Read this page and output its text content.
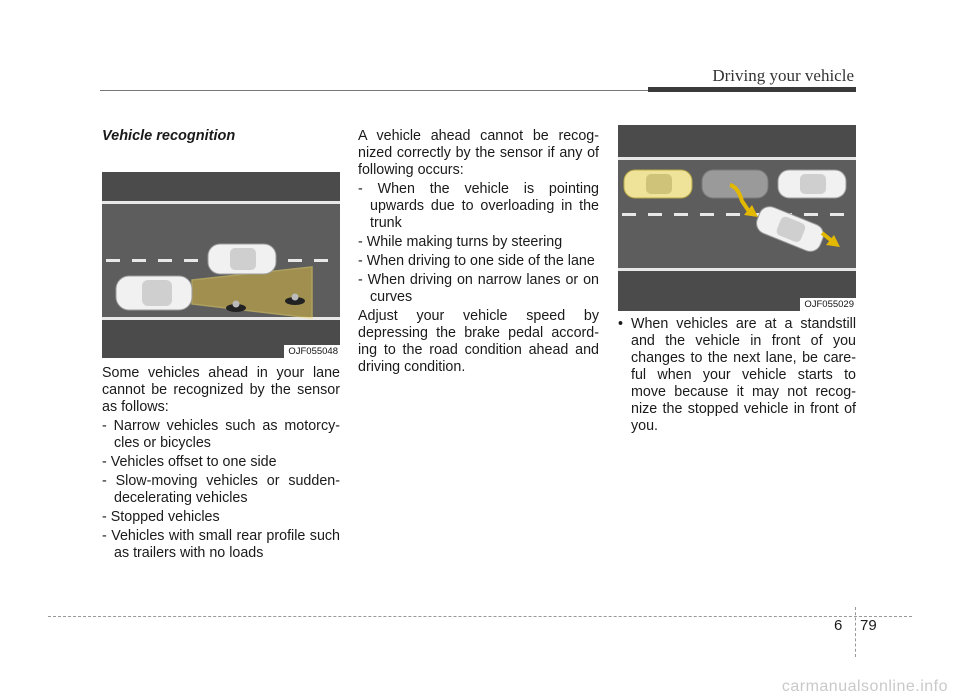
Driving your vehicle
Vehicle recognition
OJF055048

Some vehicles ahead in your lane cannot be recognized by the sensor as follows:

- Narrow vehicles such as motorcy-cles or bicycles
- Vehicles offset to one side
- Slow-moving vehicles or sudden-decelerating vehicles
- Stopped vehicles
- Vehicles with small rear profile such as trailers with no loads

A vehicle ahead cannot be recog-nized correctly by the sensor if any of following occurs:

- When the vehicle is pointing upwards due to overloading in the trunk
- While making turns by steering
- When driving to one side of the lane
- When driving on narrow lanes or on curves

Adjust your vehicle speed by depressing the brake pedal accord-ing to the road condition ahead and driving condition.

OJF055029

• When vehicles are at a standstill and the vehicle in front of you changes to the next lane, be care-ful when your vehicle starts to move because it may not recog-nize the stopped vehicle in front of you.

6 79
carmanualsonline.info
